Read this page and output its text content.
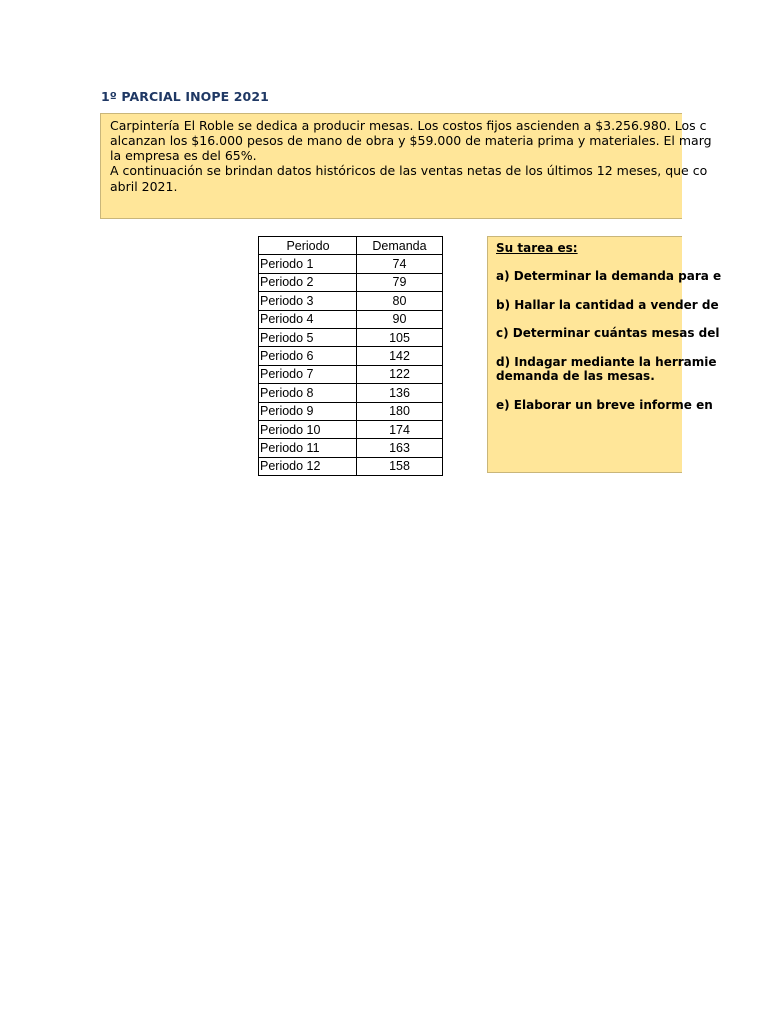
1º PARCIAL INOPE 2021
Carpintería El Roble se dedica a producir mesas. Los costos fijos ascienden a $3.256.980. Los c
alcanzan los $16.000 pesos de mano de obra y $59.000 de materia prima y materiales. El marg
la empresa es del 65%.
A continuación se brindan datos históricos de las ventas netas de los últimos 12 meses, que co
abril 2021.
Periodo	Demanda
Periodo 1	74
Periodo 2	79
Periodo 3	80
Periodo 4	90
Periodo 5	105
Periodo 6	142
Periodo 7	122
Periodo 8	136
Periodo 9	180
Periodo 10	174
Periodo 11	163
Periodo 12	158
Su tarea es:
a) Determinar la demanda para e
b) Hallar la cantidad a vender de
c) Determinar cuántas mesas del
d) Indagar mediante la herramie
demanda de las mesas.
e) Elaborar un breve informe en
